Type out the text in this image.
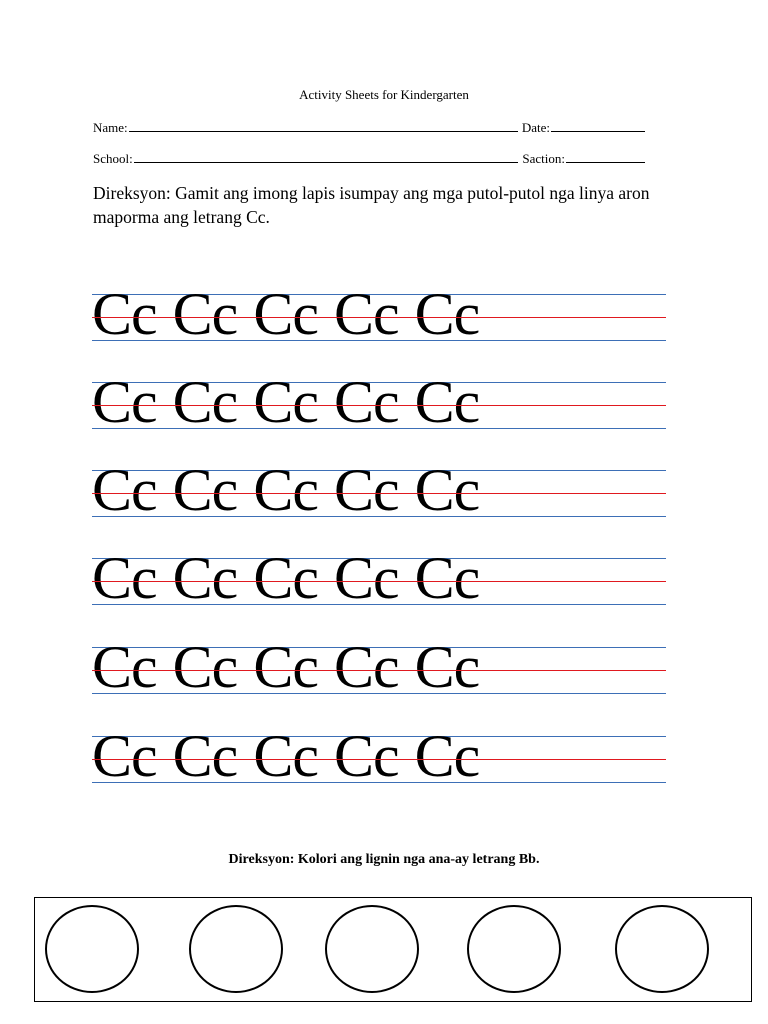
Activity Sheets for Kindergarten
Name:	Date:
School:	Saction:
Direksyon: Gamit ang imong lapis isumpay ang mga putol-putol nga linya aron maporma ang letrang Cc.
Cc Cc Cc Cc Cc
Cc Cc Cc Cc Cc
Cc Cc Cc Cc Cc
Cc Cc Cc Cc Cc
Cc Cc Cc Cc Cc
Cc Cc Cc Cc Cc
Direksyon: Kolori ang lignin nga ana-ay letrang Bb.
